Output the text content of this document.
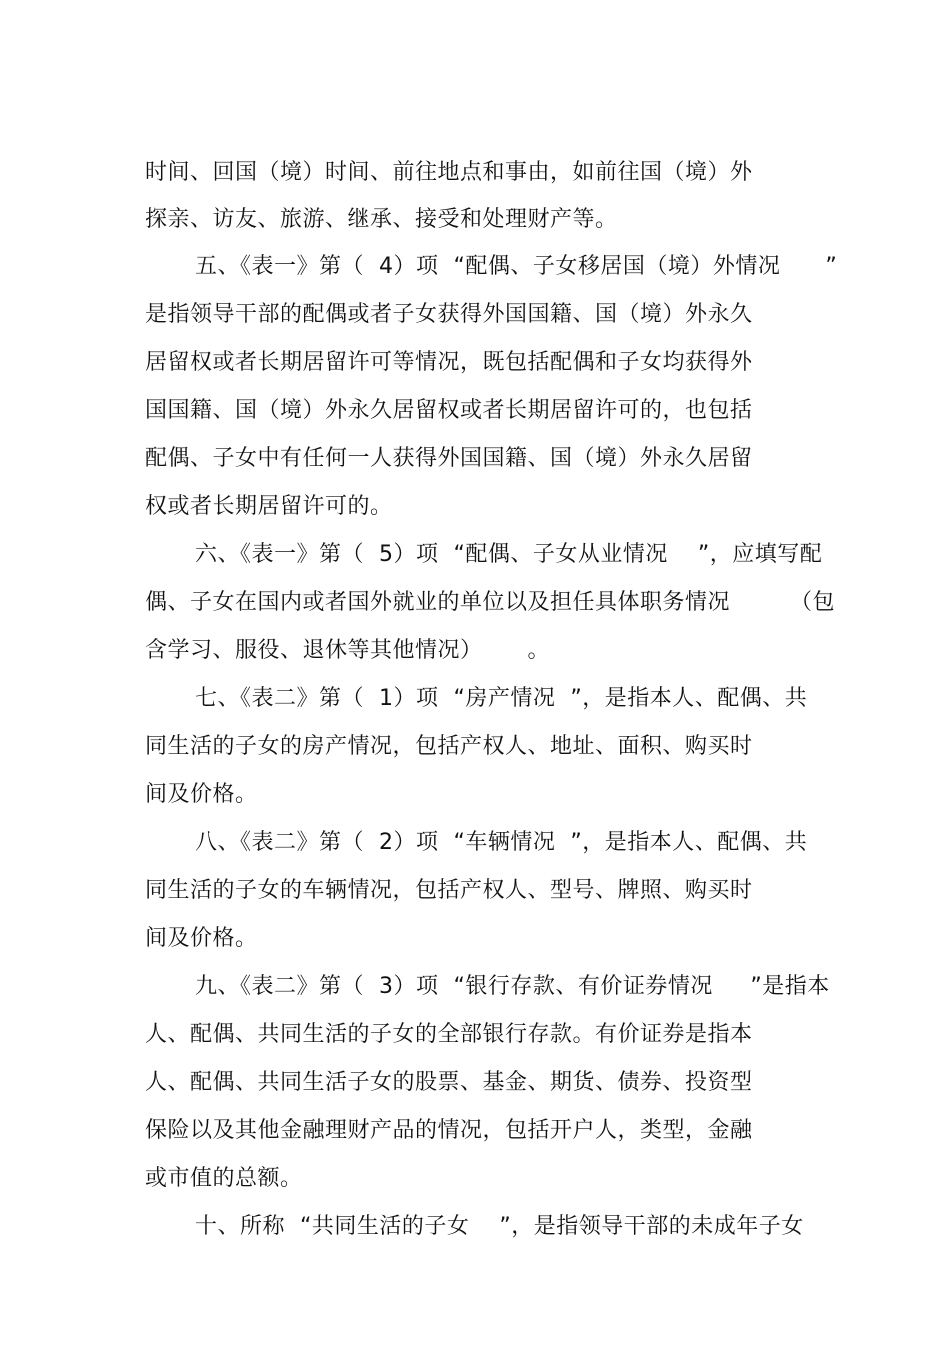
时间、回国（境）时间、前往地点和事由，如前往国（境）外
探亲、访友、旅游、继承、接受和处理财产等。
五、《表一》第（  4）项  “配偶、子女移居国（境）外情况      ”
是指领导干部的配偶或者子女获得外国国籍、国（境）外永久
居留权或者长期居留许可等情况，既包括配偶和子女均获得外
国国籍、国（境）外永久居留权或者长期居留许可的，也包括
配偶、子女中有任何一人获得外国国籍、国（境）外永久居留
权或者长期居留许可的。
六、《表一》第（  5）项  “配偶、子女从业情况    ”，应填写配
偶、子女在国内或者国外就业的单位以及担任具体职务情况        （包
含学习、服役、退休等其他情况）      。
七、《表二》第（  1）项  “房产情况  ”，是指本人、配偶、共
同生活的子女的房产情况，包括产权人、地址、面积、购买时
间及价格。
八、《表二》第（  2）项  “车辆情况  ”，是指本人、配偶、共
同生活的子女的车辆情况，包括产权人、型号、牌照、购买时
间及价格。
九、《表二》第（  3）项  “银行存款、有价证券情况     ”是指本
人、配偶、共同生活的子女的全部银行存款。有价证券是指本
人、配偶、共同生活子女的股票、基金、期货、债券、投资型
保险以及其他金融理财产品的情况，包括开户人，类型，金融
或市值的总额。
十、所称  “共同生活的子女    ”，是指领导干部的未成年子女
